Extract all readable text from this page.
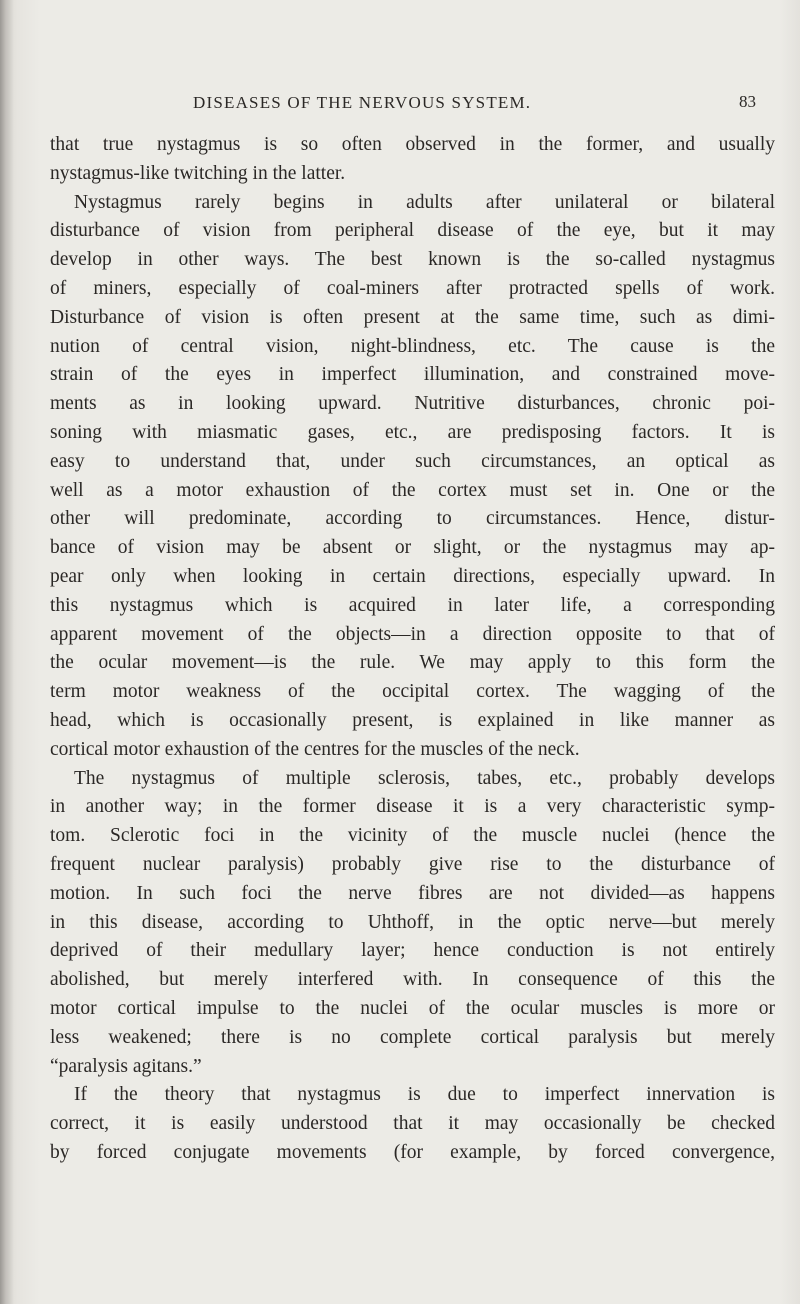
DISEASES OF THE NERVOUS SYSTEM.	83
that true nystagmus is so often observed in the former, and usually
nystagmus-like twitching in the latter.
Nystagmus rarely begins in adults after unilateral or bilateral
disturbance of vision from peripheral disease of the eye, but it may
develop in other ways. The best known is the so-called nystagmus
of miners, especially of coal-miners after protracted spells of work.
Disturbance of vision is often present at the same time, such as dimi-
nution of central vision, night-blindness, etc. The cause is the
strain of the eyes in imperfect illumination, and constrained move-
ments as in looking upward. Nutritive disturbances, chronic poi-
soning with miasmatic gases, etc., are predisposing factors. It is
easy to understand that, under such circumstances, an optical as
well as a motor exhaustion of the cortex must set in. One or the
other will predominate, according to circumstances. Hence, distur-
bance of vision may be absent or slight, or the nystagmus may ap-
pear only when looking in certain directions, especially upward. In
this nystagmus which is acquired in later life, a corresponding
apparent movement of the objects—in a direction opposite to that of
the ocular movement—is the rule. We may apply to this form the
term motor weakness of the occipital cortex. The wagging of the
head, which is occasionally present, is explained in like manner as
cortical motor exhaustion of the centres for the muscles of the neck.
The nystagmus of multiple sclerosis, tabes, etc., probably develops
in another way; in the former disease it is a very characteristic symp-
tom. Sclerotic foci in the vicinity of the muscle nuclei (hence the
frequent nuclear paralysis) probably give rise to the disturbance of
motion. In such foci the nerve fibres are not divided—as happens
in this disease, according to Uhthoff, in the optic nerve—but merely
deprived of their medullary layer; hence conduction is not entirely
abolished, but merely interfered with. In consequence of this the
motor cortical impulse to the nuclei of the ocular muscles is more or
less weakened; there is no complete cortical paralysis but merely
“paralysis agitans.”
If the theory that nystagmus is due to imperfect innervation is
correct, it is easily understood that it may occasionally be checked
by forced conjugate movements (for example, by forced convergence,
